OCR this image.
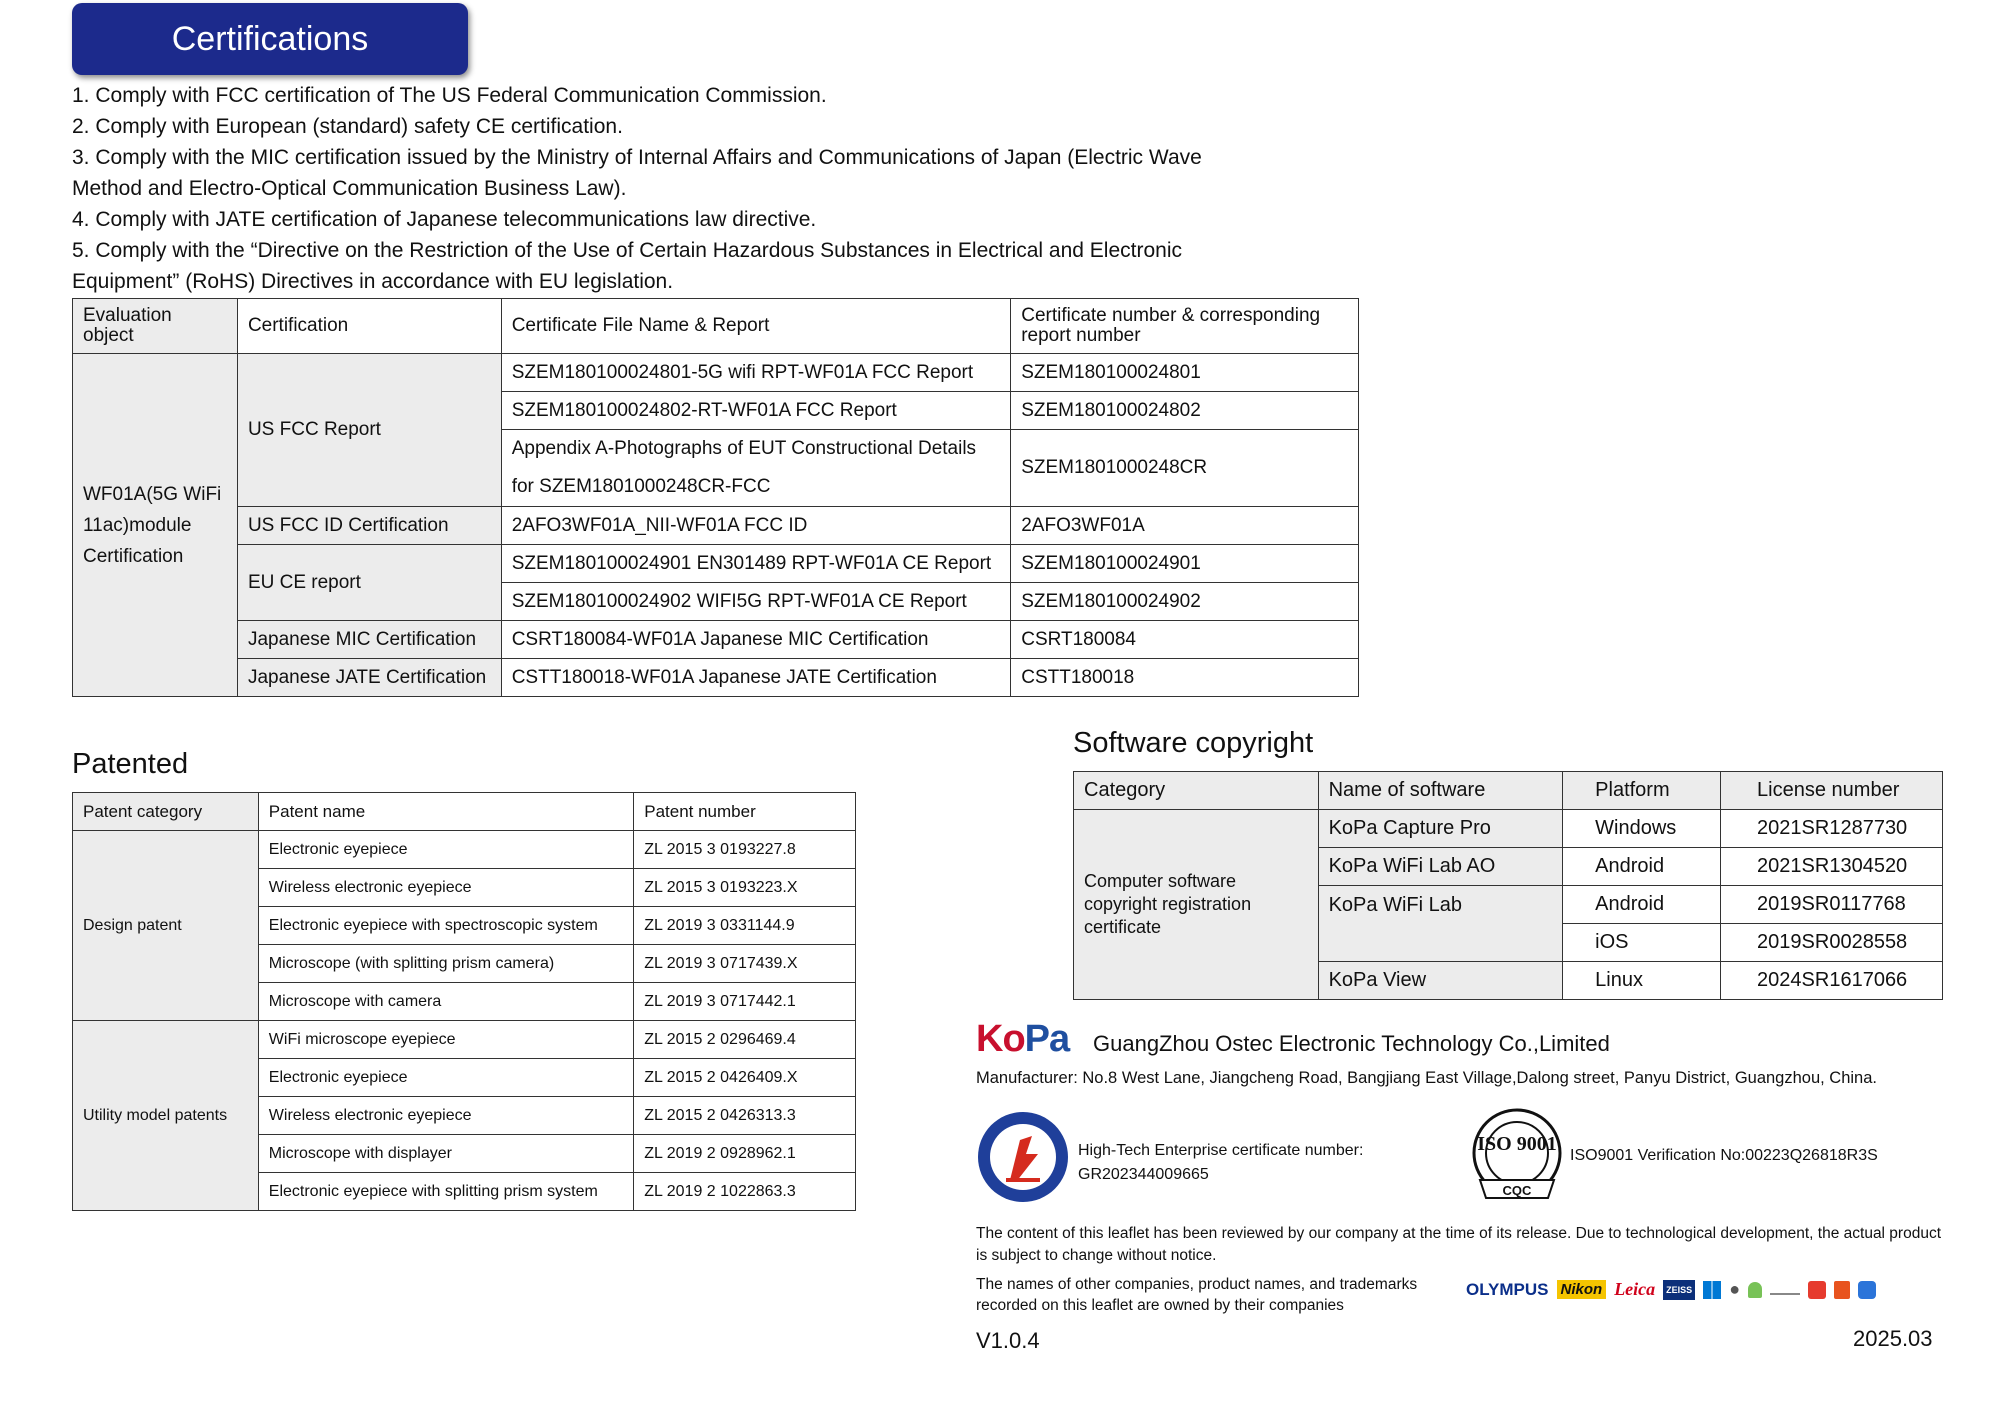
Certifications

1. Comply with FCC certification of The US Federal Communication Commission.

2. Comply with European (standard) safety CE certification.

3. Comply with the MIC certification issued by the Ministry of Internal Affairs and Communications of Japan (Electric Wave

Method and Electro-Optical Communication Business Law).

4. Comply with JATE certification of Japanese telecommunications law directive.

5. Comply with the “Directive on the Restriction of the Use of Certain Hazardous Substances in Electrical and Electronic

Equipment” (RoHS) Directives in accordance with EU legislation.

Evaluation object	Certification	Certificate File Name & Report	Certificate number & corresponding report number
WF01A(5G WiFi 11ac)module Certification	US FCC Report	SZEM180100024801-5G wifi RPT-WF01A FCC Report	SZEM180100024801
		SZEM180100024802-RT-WF01A FCC Report	SZEM180100024802
		Appendix A-Photographs of EUT Constructional Details for SZEM1801000248CR-FCC	SZEM1801000248CR

	US FCC ID Certification	2AFO3WF01A_NII-WF01A FCC ID	2AFO3WF01A
	EU CE report	SZEM180100024901 EN301489 RPT-WF01A CE Report	SZEM180100024901
		SZEM180100024902 WIFI5G RPT-WF01A CE Report	SZEM180100024902
	Japanese MIC Certification	CSRT180084-WF01A Japanese MIC Certification	CSRT180084
	Japanese JATE Certification	CSTT180018-WF01A Japanese JATE Certification	CSTT180018
Patented
Patent category	Patent name	Patent number
Design patent	Electronic eyepiece	ZL 2015 3 0193227.8
	Wireless electronic eyepiece	ZL 2015 3 0193223.X
	Electronic eyepiece with spectroscopic system	ZL 2019 3 0331144.9
	Microscope (with splitting prism camera)	ZL 2019 3 0717439.X
	Microscope with camera	ZL 2019 3 0717442.1
Utility model patents	WiFi microscope eyepiece	ZL 2015 2 0296469.4
	Electronic eyepiece	ZL 2015 2 0426409.X
	Wireless electronic eyepiece	ZL 2015 2 0426313.3
	Microscope with displayer	ZL 2019 2 0928962.1
	Electronic eyepiece with splitting prism system	ZL 2019 2 1022863.3
Software copyright
Category	Name of software	Platform	License number
Computer software copyright registration certificate	KoPa Capture Pro	Windows	2021SR1287730
	KoPa WiFi Lab AO	Android	2021SR1304520
	KoPa WiFi Lab	Android	2019SR0117768
		iOS	2019SR0028558
	KoPa View	Linux	2024SR1617066
KoPa GuangZhou Ostec Electronic Technology Co.,Limited
Manufacturer: No.8 West Lane, Jiangcheng Road, Bangjiang East Village,Dalong street, Panyu District, Guangzhou, China.
High-Tech Enterprise certificate number:
GR202344009665
ISO 9001
CQC
ISO9001 Verification No:00223Q26818R3S
The content of this leaflet has been reviewed by our company at the time of its release. Due to technological development, the actual product is subject to change without notice.
The names of other companies, product names, and trademarks recorded on this leaflet are owned by their companies
OLYMPUS Nikon Leica	ZEISS ●
V1.0.4	2025.03
